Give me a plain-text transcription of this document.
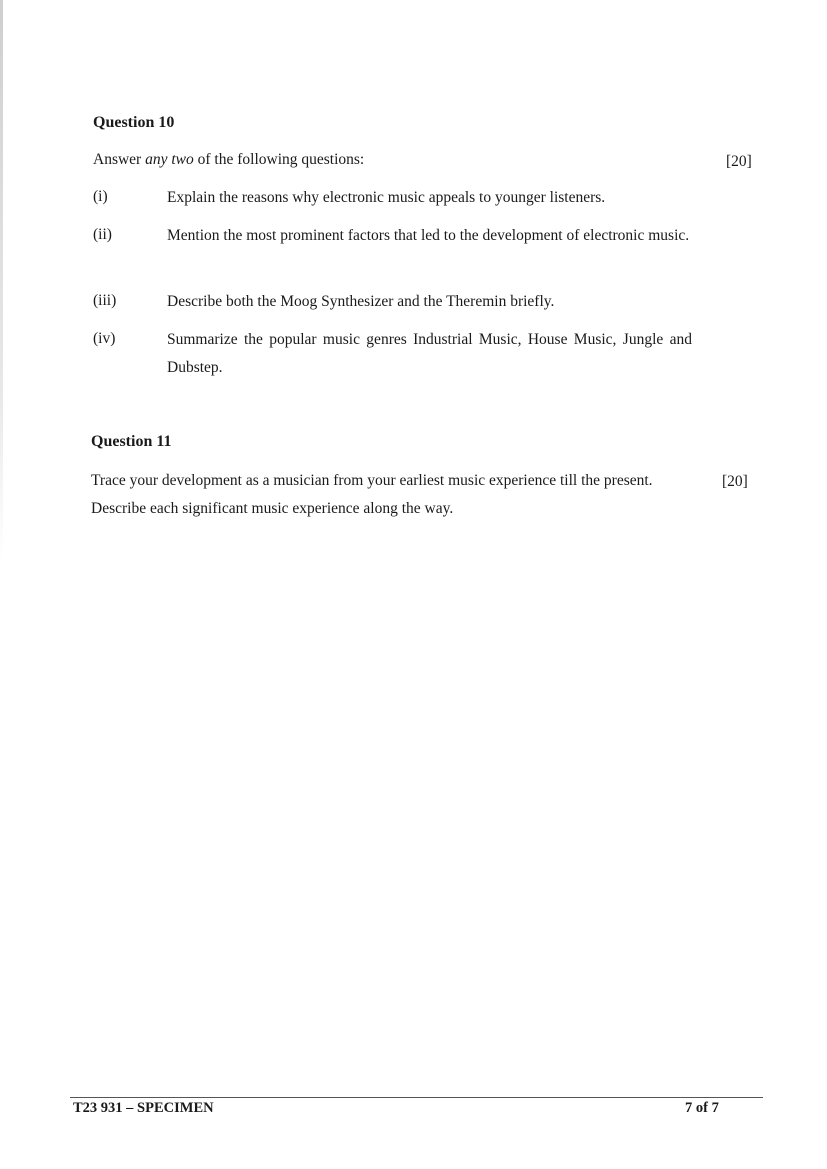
Question 10
Answer any two of the following questions:	[20]
(i)	Explain the reasons why electronic music appeals to younger listeners.
(ii)	Mention the most prominent factors that led to the development of electronic music.
(iii)	Describe both the Moog Synthesizer and the Theremin briefly.
(iv)	Summarize the popular music genres Industrial Music, House Music, Jungle and Dubstep.
Question 11
Trace your development as a musician from your earliest music experience till the present.	[20]
Describe each significant music experience along the way.
T23 931 – SPECIMEN	7 of 7
